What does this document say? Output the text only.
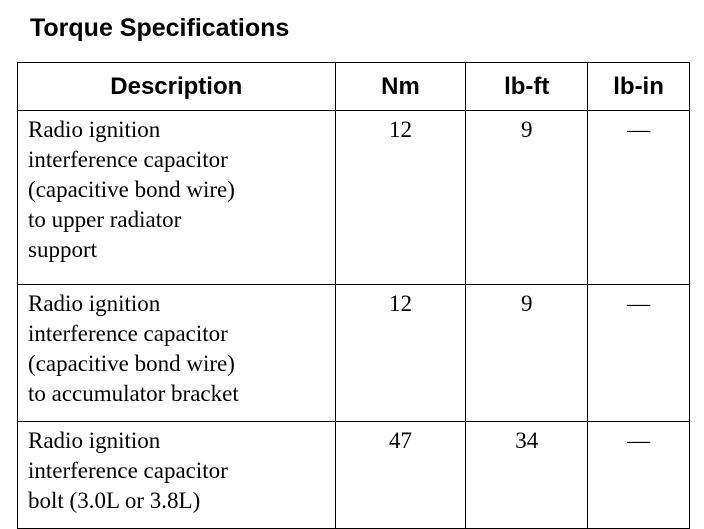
Torque Specifications
Description	Nm	lb-ft	lb-in

Radio ignition
interference capacitor
(capacitive bond wire)
to upper radiator
support	12	9	—

Radio ignition
interference capacitor
(capacitive bond wire)
to accumulator bracket	12	9	—

Radio ignition
interference capacitor
bolt (3.0L or 3.8L)	47	34	—
